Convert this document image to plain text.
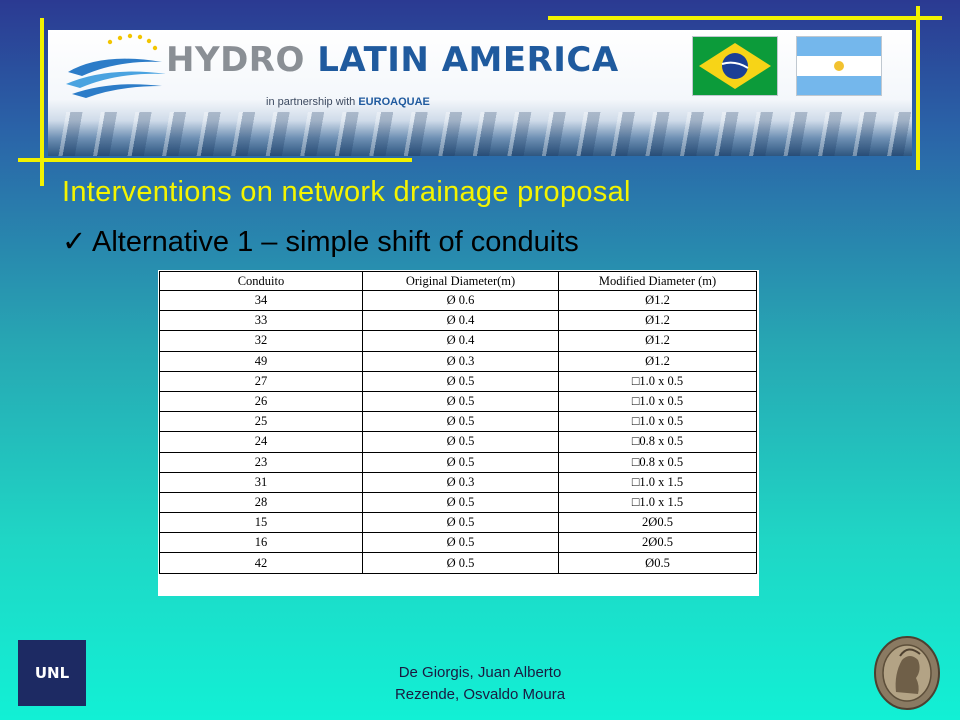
HYDRO LATIN AMERICA
in partnership with EUROAQUAE
Interventions on network drainage proposal
✓ Alternative 1 – simple shift of conduits
Conduito	Original Diameter(m)	Modified Diameter (m)
34	Ø 0.6	Ø1.2
33	Ø 0.4	Ø1.2
32	Ø 0.4	Ø1.2
49	Ø 0.3	Ø1.2
27	Ø 0.5	□1.0 x 0.5
26	Ø 0.5	□1.0 x 0.5
25	Ø 0.5	□1.0 x 0.5
24	Ø 0.5	□0.8 x 0.5
23	Ø 0.5	□0.8 x 0.5
31	Ø 0.3	□1.0 x 1.5
28	Ø 0.5	□1.0 x 1.5
15	Ø 0.5	2Ø0.5
16	Ø 0.5	2Ø0.5
42	Ø 0.5	Ø0.5
UNL	De Giorgis, Juan Alberto
Rezende, Osvaldo Moura
